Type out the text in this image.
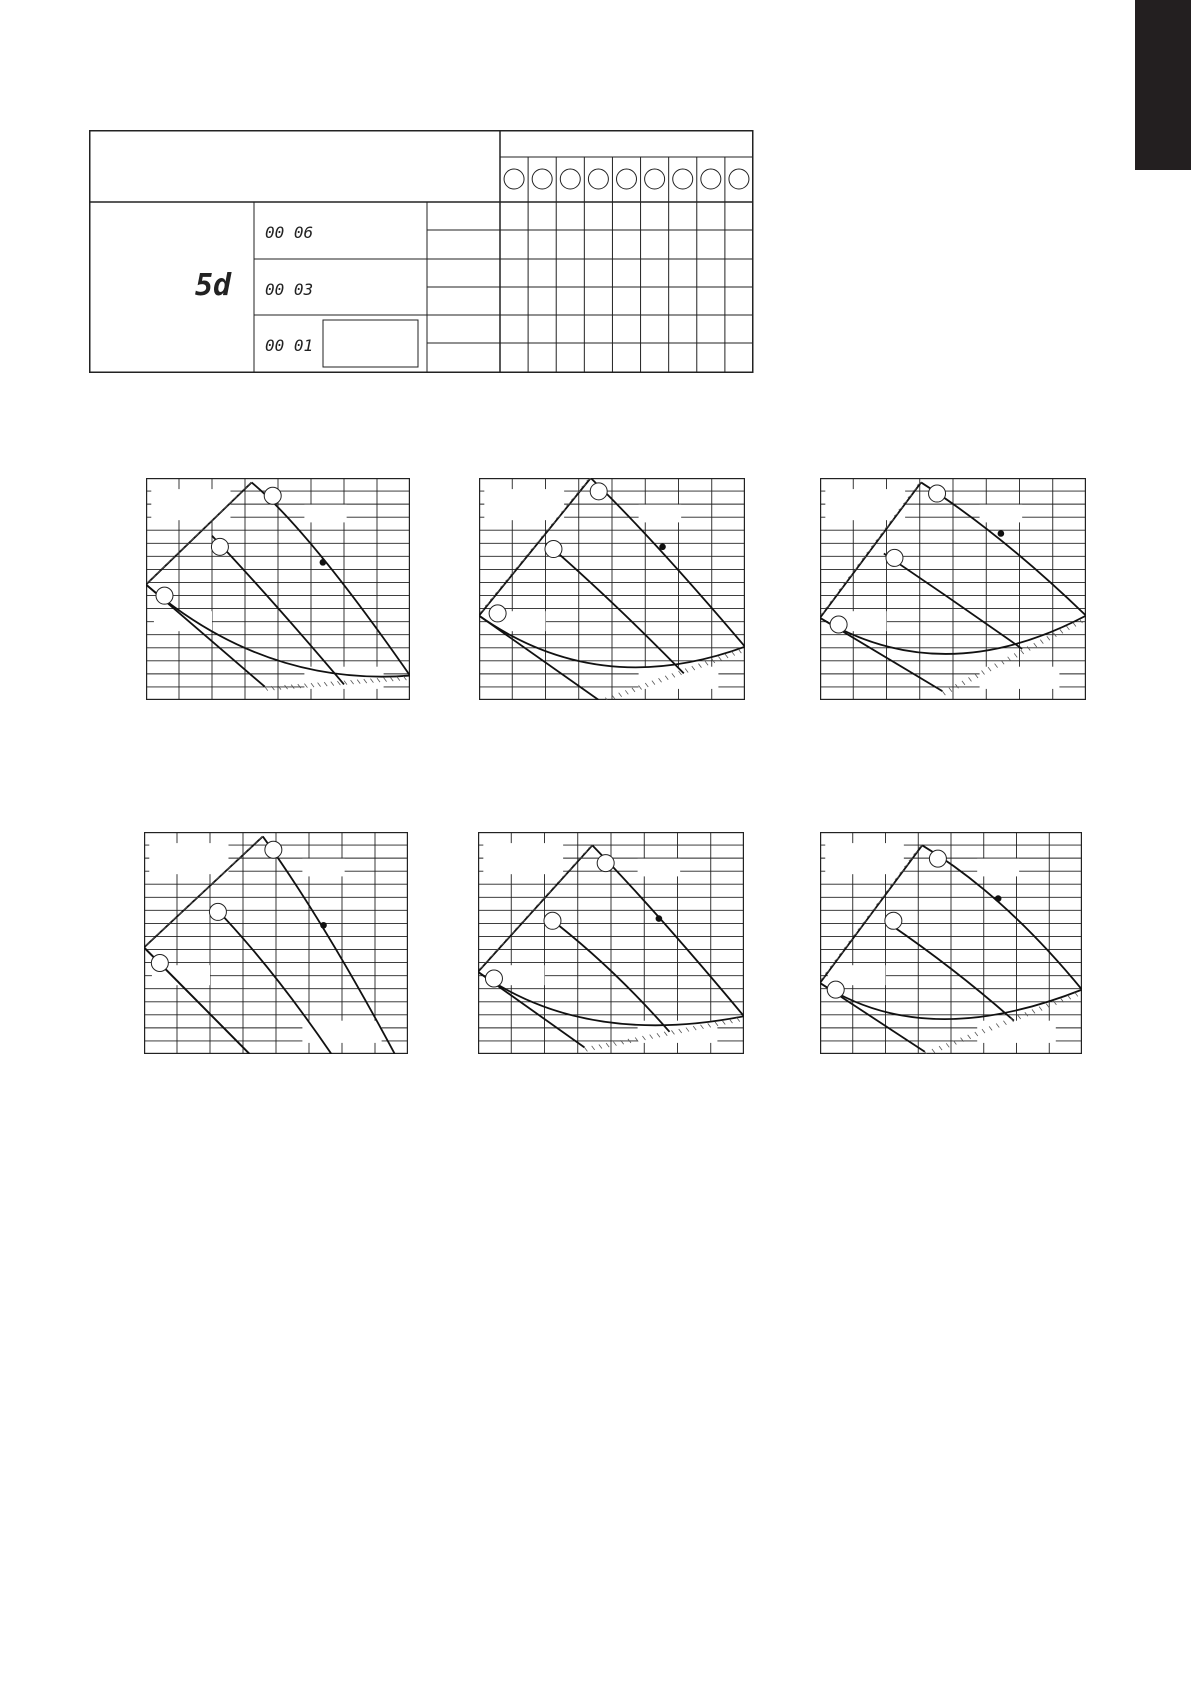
5d
00 06
00 03
00 01
